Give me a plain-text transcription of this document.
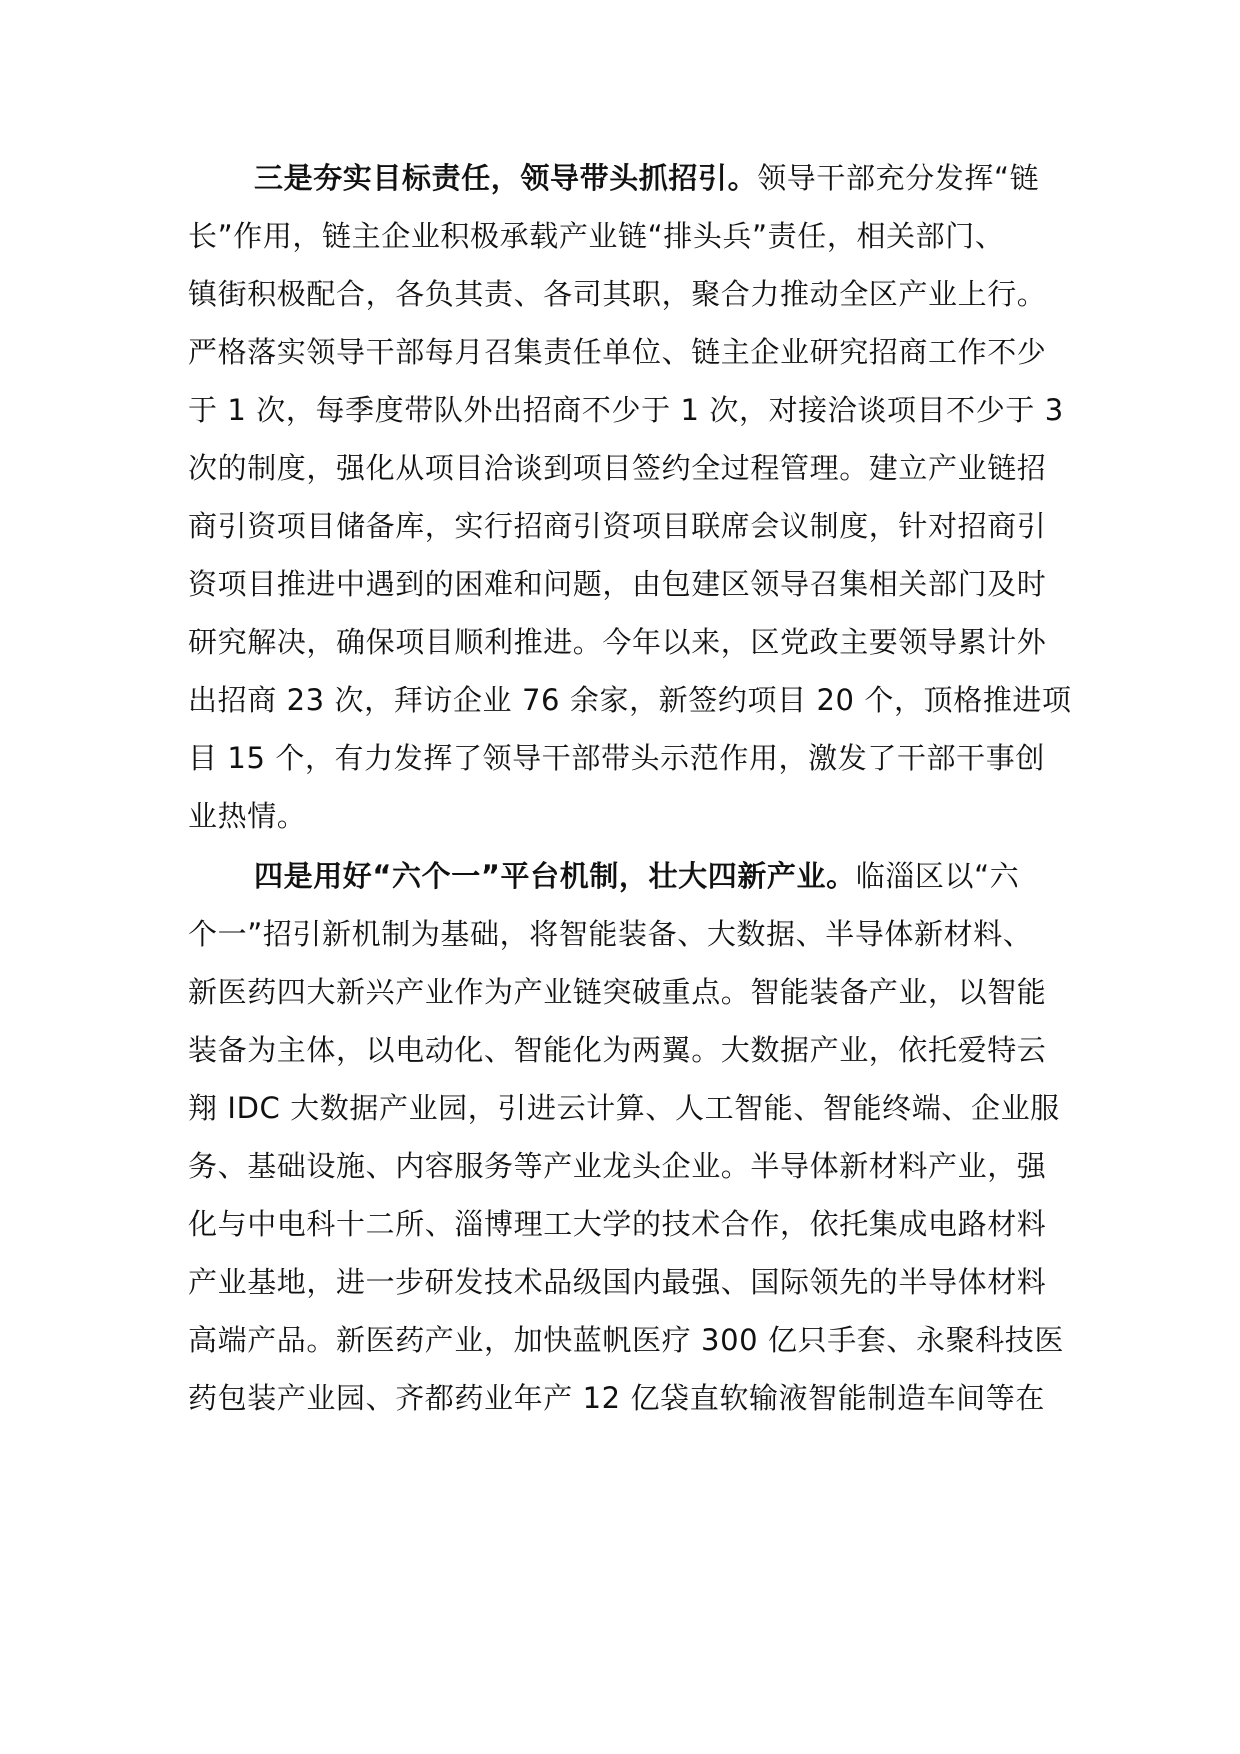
三是夯实目标责任，领导带头抓招引。领导干部充分发挥“链
长”作用，链主企业积极承载产业链“排头兵”责任，相关部门、
镇街积极配合，各负其责、各司其职，聚合力推动全区产业上行。
严格落实领导干部每月召集责任单位、链主企业研究招商工作不少
于 1 次，每季度带队外出招商不少于 1 次，对接洽谈项目不少于 3
次的制度，强化从项目洽谈到项目签约全过程管理。建立产业链招
商引资项目储备库，实行招商引资项目联席会议制度，针对招商引
资项目推进中遇到的困难和问题，由包建区领导召集相关部门及时
研究解决，确保项目顺利推进。今年以来，区党政主要领导累计外
出招商 23 次，拜访企业 76 余家，新签约项目 20 个，顶格推进项
目 15 个，有力发挥了领导干部带头示范作用，激发了干部干事创
业热情。
四是用好“六个一”平台机制，壮大四新产业。临淄区以“六
个一”招引新机制为基础，将智能装备、大数据、半导体新材料、
新医药四大新兴产业作为产业链突破重点。智能装备产业，以智能
装备为主体，以电动化、智能化为两翼。大数据产业，依托爱特云
翔 IDC 大数据产业园，引进云计算、人工智能、智能终端、企业服
务、基础设施、内容服务等产业龙头企业。半导体新材料产业，强
化与中电科十二所、淄博理工大学的技术合作，依托集成电路材料
产业基地，进一步研发技术品级国内最强、国际领先的半导体材料
高端产品。新医药产业，加快蓝帆医疗 300 亿只手套、永聚科技医
药包装产业园、齐都药业年产 12 亿袋直软输液智能制造车间等在
